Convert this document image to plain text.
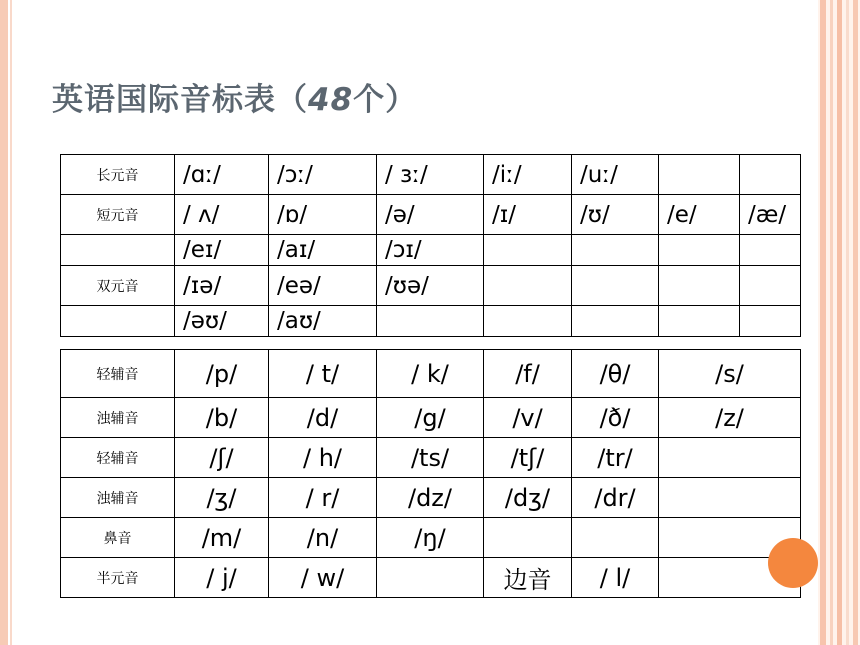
英语国际音标表（48个）
长元音	/ɑː/	/ɔː/	/ ɜː/	/iː/	/uː/		
短元音	/ ʌ/	/ɒ/	/ə/	/ɪ/	/ʊ/	/e/	/æ/
	/eɪ/	/aɪ/	/ɔɪ/				
双元音	/ɪə/	/eə/	/ʊə/				
	/əʊ/	/aʊ/					
轻辅音	/p/	/ t/	/ k/	/f/	/θ/	/s/
浊辅音	/b/	/d/	/g/	/v/	/ð/	/z/
轻辅音	/ʃ/	/ h/	/ts/	/tʃ/	/tr/	
浊辅音	/ʒ/	/ r/	/dz/	/dʒ/	/dr/	
鼻音	/m/	/n/	/ŋ/			
半元音	/ j/	/ w/		边音	/ l/	
